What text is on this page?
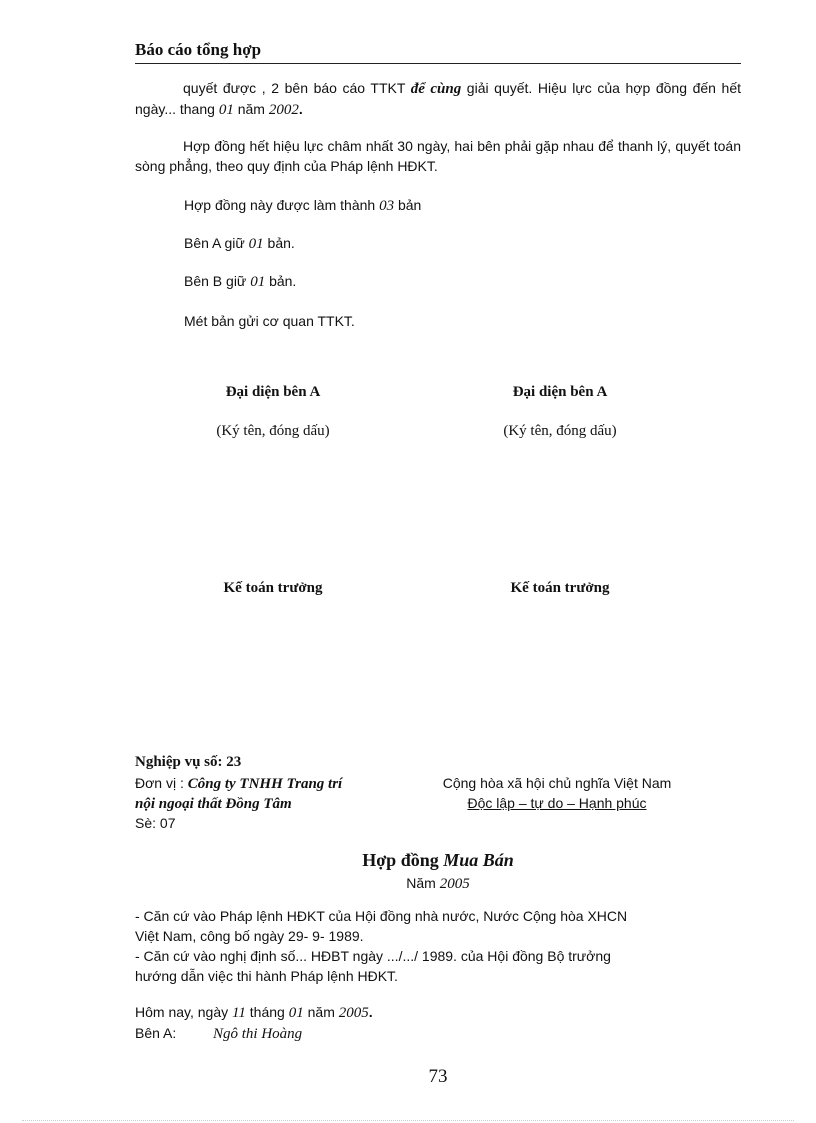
Báo cáo tổng hợp
quyết được , 2 bên báo cáo TTKT để cùng giải quyết. Hiệu lực của hợp đồng đến hết ngày... thang 01 năm 2002.
Hợp đồng hết hiệu lực châm nhất 30 ngày, hai bên phải gặp nhau để thanh lý, quyết toán sòng phẳng, theo quy định của Pháp lệnh HĐKT.
Hợp đồng này được làm thành 03 bản
Bên A giữ 01 bản.
Bên B giữ 01 bản.
Mét bản gửi cơ quan TTKT.
Đại diện bên A	Đại diện bên A
(Ký tên, đóng dấu)	(Ký tên, đóng dấu)
Kế toán trưởng	Kế toán trưởng
Nghiệp vụ số: 23
Đơn vị : Công ty TNHH Trang trí
nội ngoại thất Đồng Tâm
Sè: 07
Cộng hòa xã hội chủ nghĩa Việt Nam
Độc lập – tự do – Hạnh phúc
Hợp đồng Mua Bán
Năm 2005
- Căn cứ vào Pháp lệnh HĐKT của Hội đồng nhà nước, Nước Cộng hòa XHCN
Việt Nam, công bố ngày 29- 9- 1989.
- Căn cứ vào nghị định số... HĐBT ngày .../.../ 1989. của Hội đồng Bộ trưởng
hướng dẫn việc thi hành Pháp lệnh HĐKT.
Hôm nay, ngày 11 tháng 01 năm 2005.
Bên A: Ngô thi Hoàng
73
